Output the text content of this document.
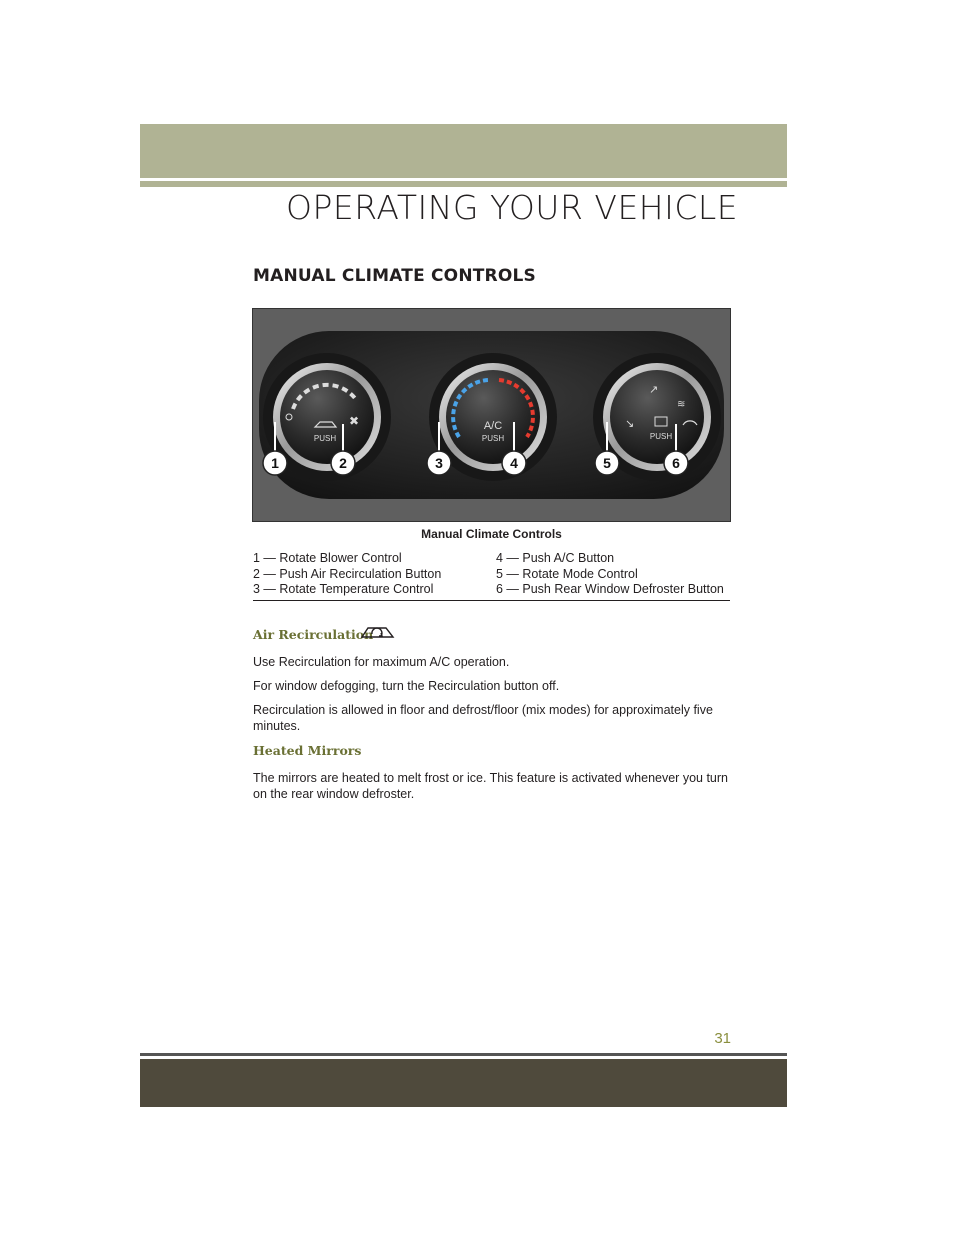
OPERATING YOUR VEHICLE
MANUAL CLIMATE CONTROLS
✖
PUSH
A/C
PUSH
↘
↗
≋
PUSH
1	2	3	4	5	6
Manual Climate Controls
1 — Rotate Blower Control
2 — Push Air Recirculation Button
3 — Rotate Temperature Control
4 — Push A/C Button
5 — Rotate Mode Control
6 — Push Rear Window Defroster Button
Air Recirculation
Use Recirculation for maximum A/C operation.
For window defogging, turn the Recirculation button off.
Recirculation is allowed in floor and defrost/floor (mix modes) for approximately five minutes.
Heated Mirrors
The mirrors are heated to melt frost or ice. This feature is activated whenever you turn on the rear window defroster.
31
